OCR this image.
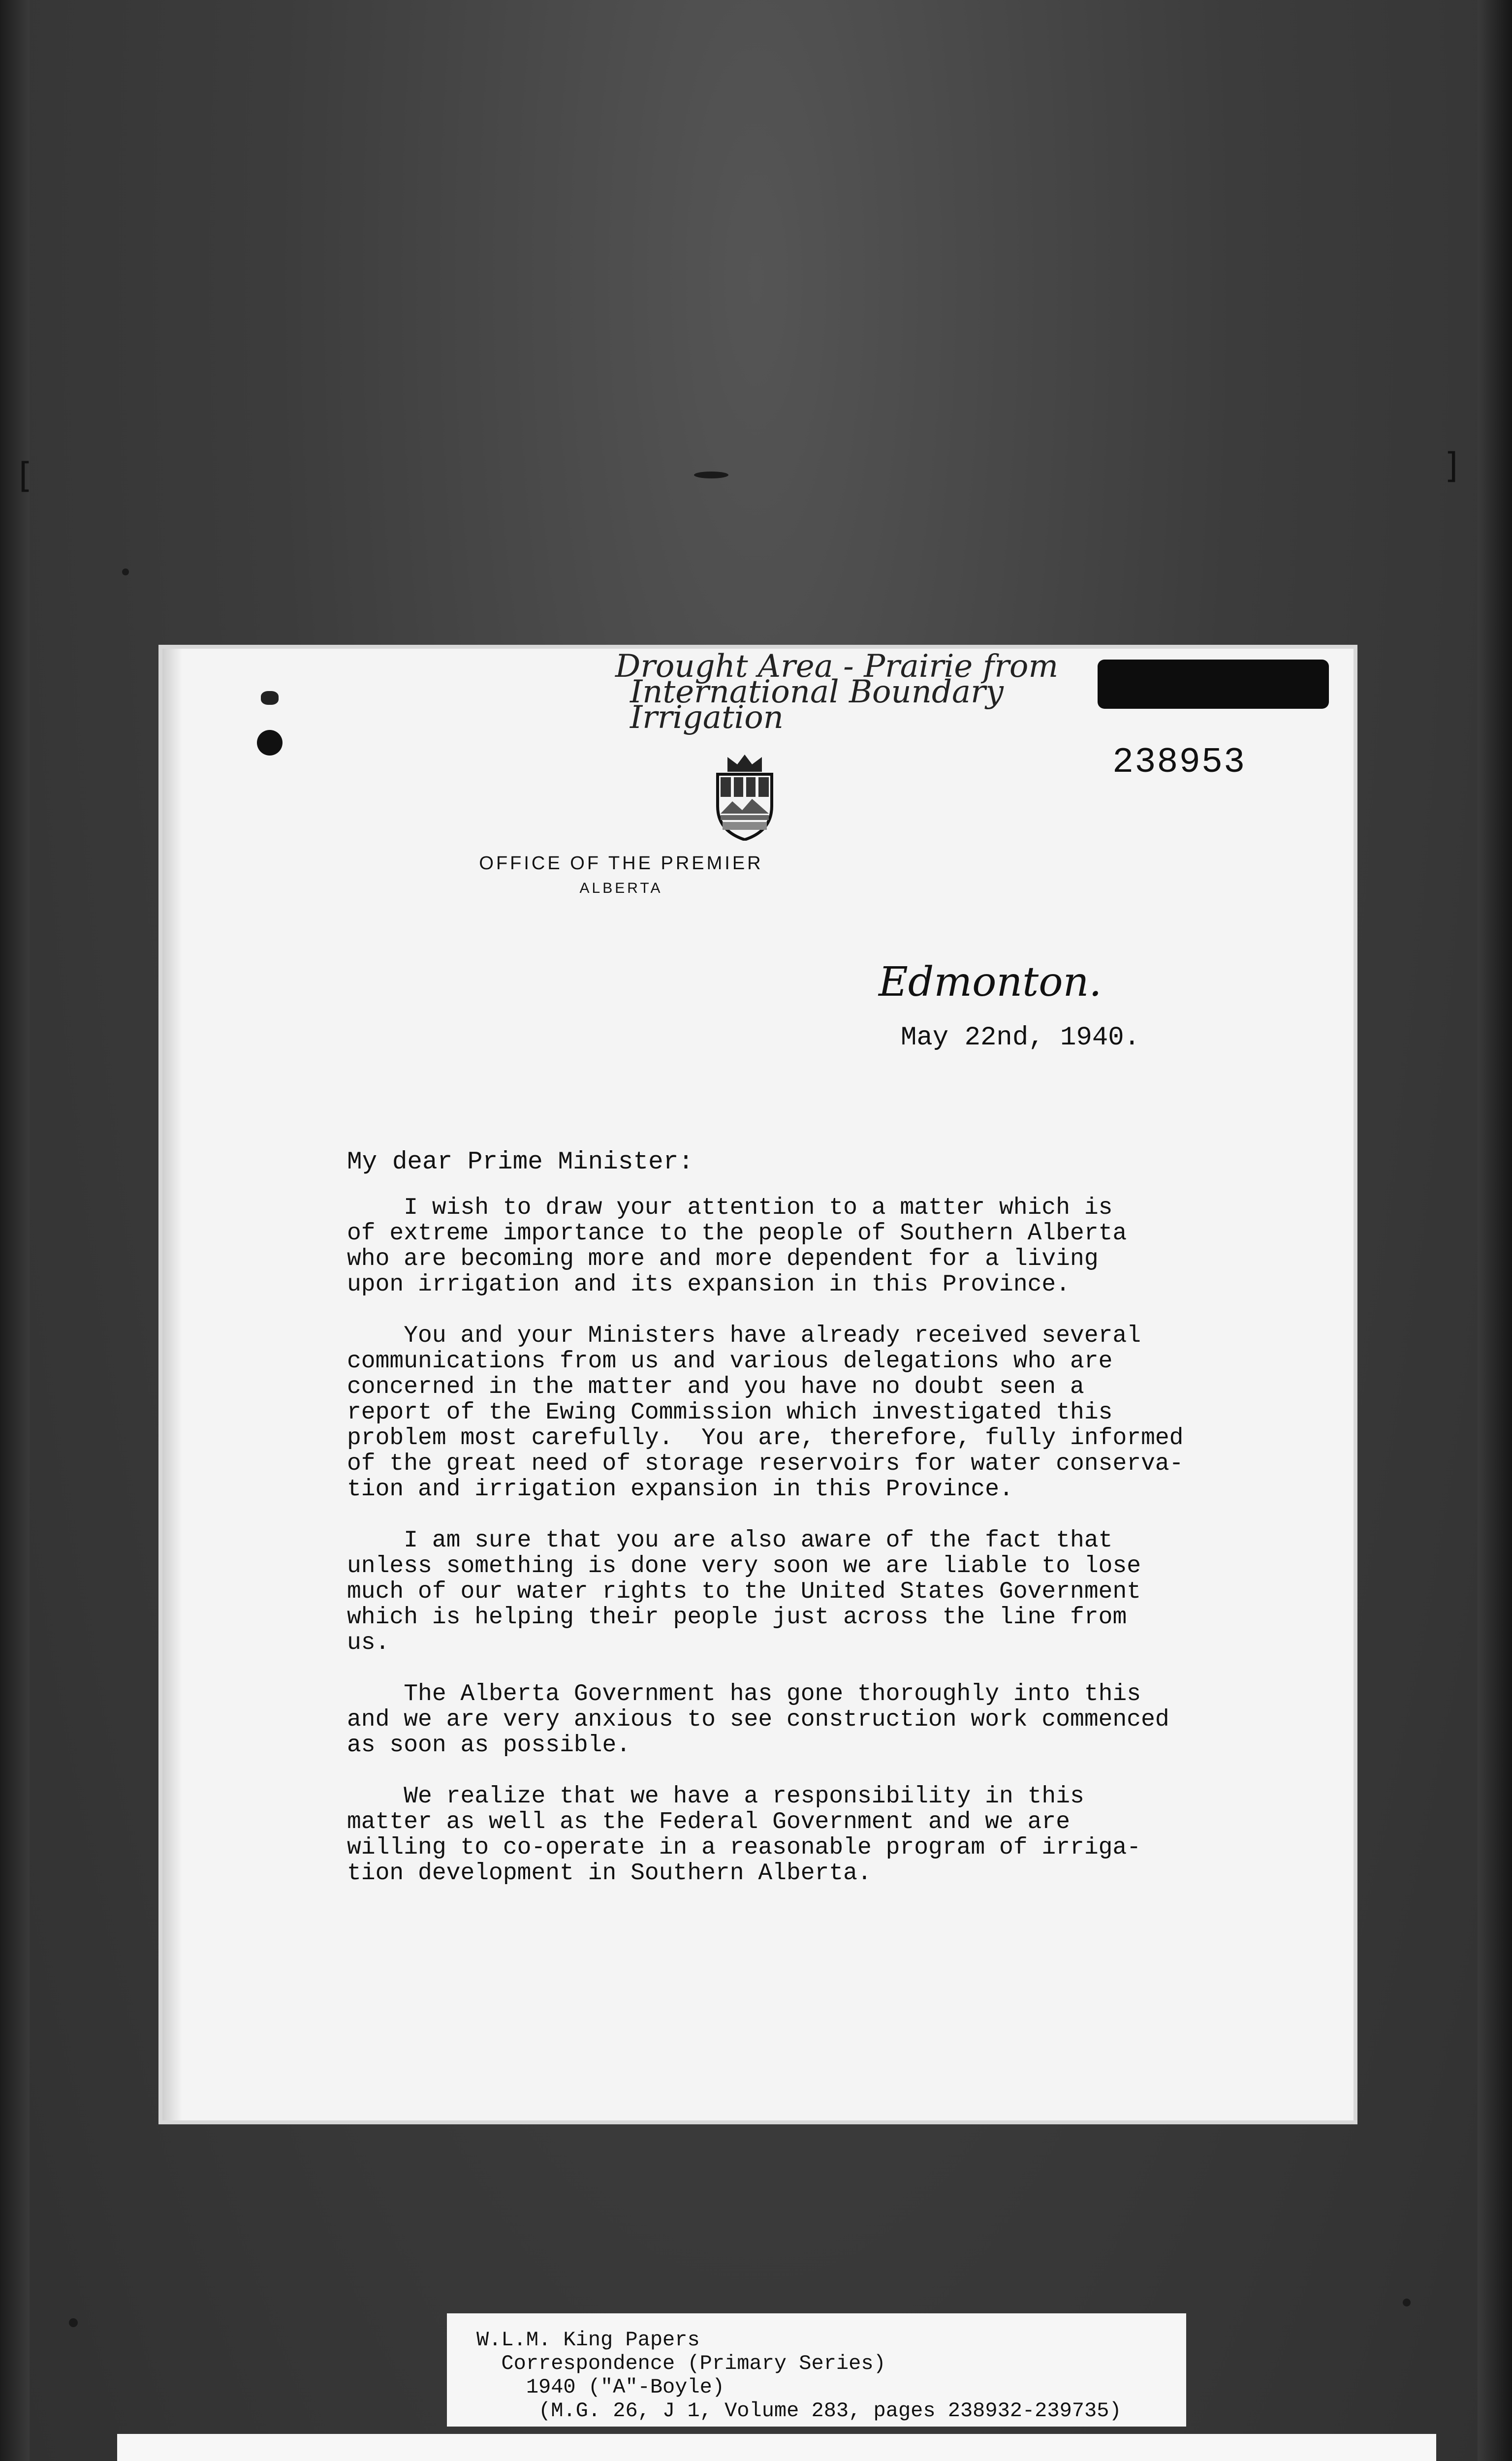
[	]
Drought Area - Prairie from
International Boundary
Irrigation
238953
OFFICE OF THE PREMIER
ALBERTA
Edmonton.
May 22nd, 1940.
My dear Prime Minister:
I wish to draw your attention to a matter which is
of extreme importance to the people of Southern Alberta
who are becoming more and more dependent for a living
upon irrigation and its expansion in this Province.
You and your Ministers have already received several
communications from us and various delegations who are
concerned in the matter and you have no doubt seen a
report of the Ewing Commission which investigated this
problem most carefully.  You are, therefore, fully informed
of the great need of storage reservoirs for water conserva-
tion and irrigation expansion in this Province.
I am sure that you are also aware of the fact that
unless something is done very soon we are liable to lose
much of our water rights to the United States Government
which is helping their people just across the line from
us.
The Alberta Government has gone thoroughly into this
and we are very anxious to see construction work commenced
as soon as possible.
We realize that we have a responsibility in this
matter as well as the Federal Government and we are
willing to co-operate in a reasonable program of irriga-
tion development in Southern Alberta.
W.L.M. King Papers
Correspondence (Primary Series)
1940 ("A"-Boyle)
(M.G. 26, J 1, Volume 283, pages 238932-239735)
